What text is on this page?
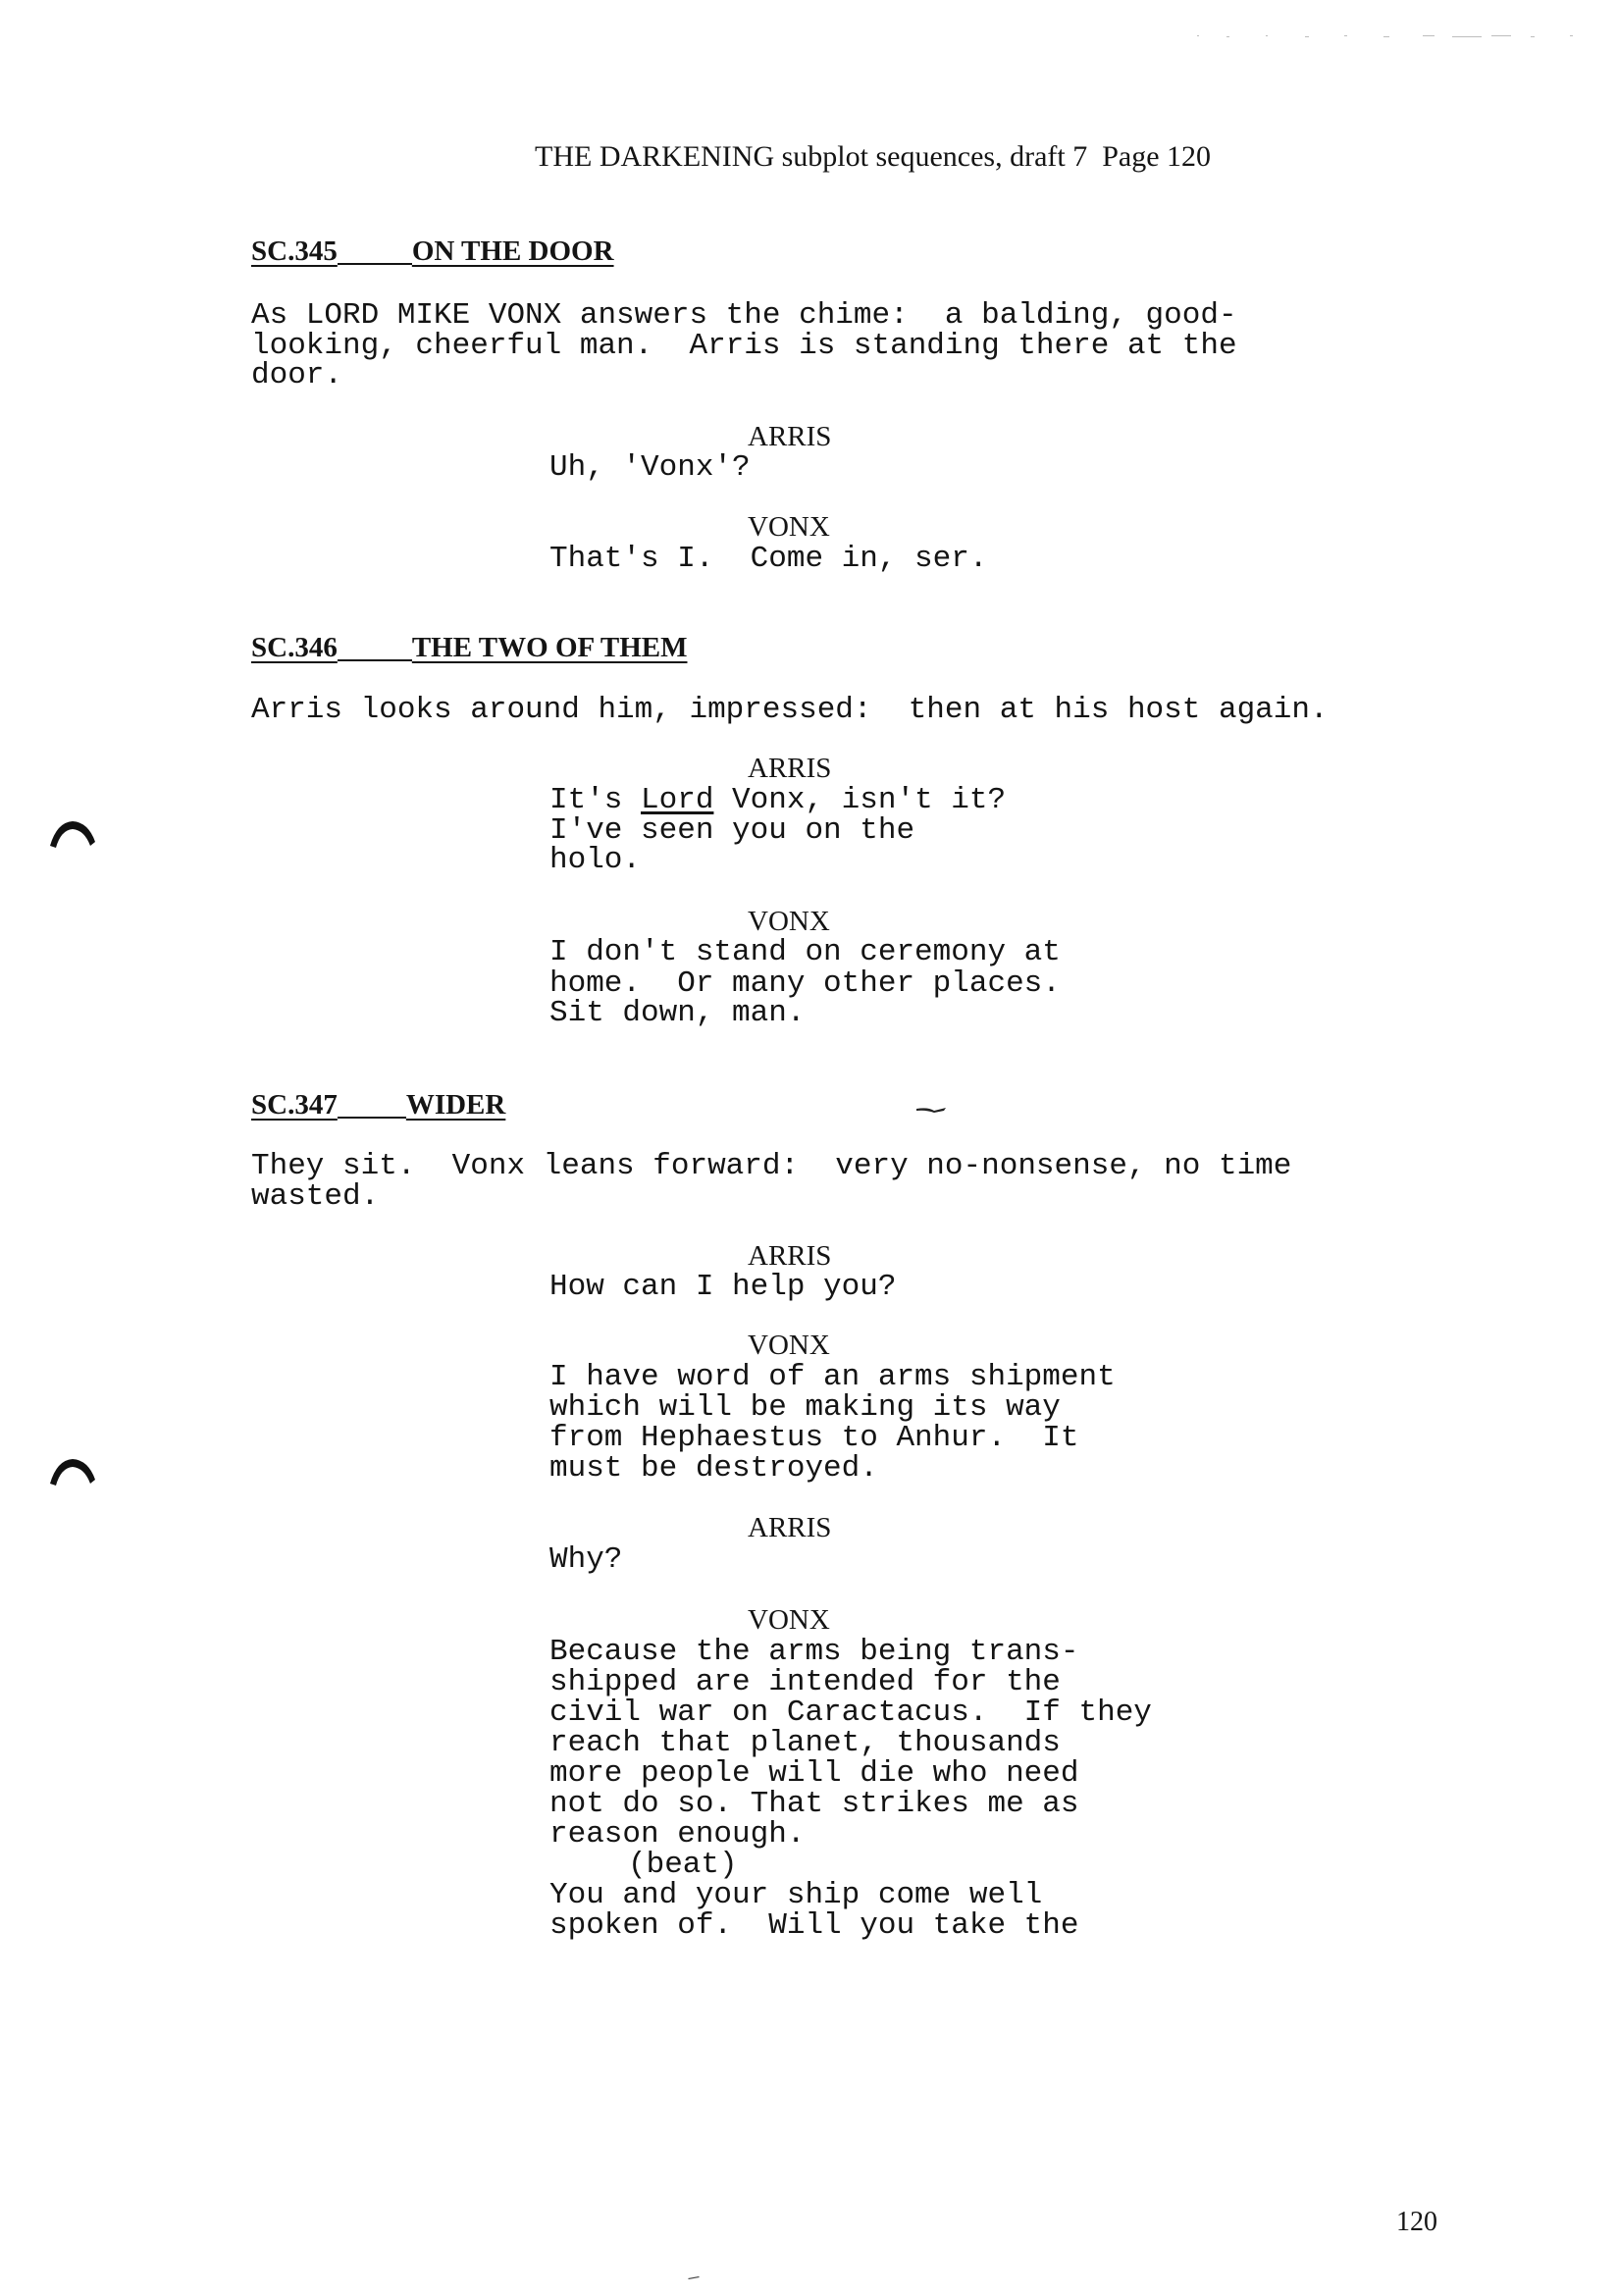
THE DARKENING subplot sequences, draft 7  Page 120
SC.345	ON THE DOOR
As LORD MIKE VONX answers the chime:  a balding, good-
looking, cheerful man.  Arris is standing there at the
door.
ARRIS
Uh, 'Vonx'?
VONX
That's I.  Come in, ser.
SC.346	THE TWO OF THEM
Arris looks around him, impressed:  then at his host again.
ARRIS
It's Lord Vonx, isn't it?
I've seen you on the
holo.
VONX
I don't stand on ceremony at
home.  Or many other places.
Sit down, man.
SC.347 WIDER
They sit.  Vonx leans forward:  very no-nonsense, no time
wasted.
ARRIS
How can I help you?
VONX
I have word of an arms shipment
which will be making its way
from Hephaestus to Anhur.  It
must be destroyed.
ARRIS
Why?
VONX
Because the arms being trans-
shipped are intended for the
civil war on Caractacus.  If they
reach that planet, thousands
more people will die who need
not do so. That strikes me as
reason enough.
(beat)
You and your ship come well
spoken of.  Will you take the
120
